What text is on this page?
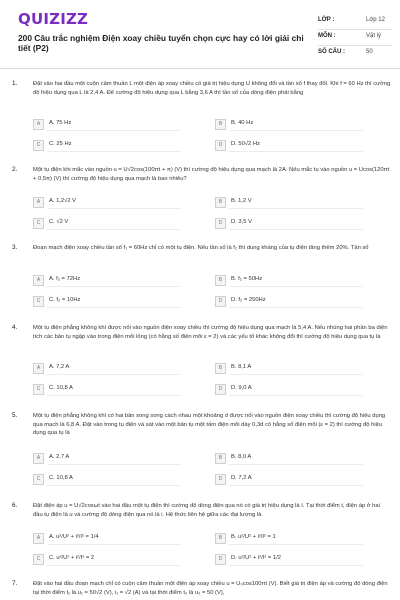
QUIZIZZ
200 Câu trắc nghiệm Điện xoay chiều tuyển chọn cực hay có lời giải chi tiết (P2)
LỚP :	Lớp 12
MÔN :	Vật lý
SỐ CÂU :	50
1.	Đặt vào hai đầu một cuộn cảm thuần L một điện áp xoay chiều có giá trị hiệu dụng U không đổi và tần số f thay đổi. Khi f = 60 Hz thì cường độ hiệu dụng qua L là 2,4 A. Để cường độ hiệu dụng qua L bằng 3,6 A thì tần số của dòng điện phải bằng
A	A. 75 Hz	B	B. 40 Hz
C	C. 25 Hz	D	D. 50√2 Hz
2.	Một tụ điện khi mắc vào nguồn u = U√2cos(100πt + π) (V) thì cường độ hiệu dụng qua mạch là 2A. Nếu mắc tụ vào nguồn u = Ucos(120πt + 0,5π) (V) thì cường độ hiệu dụng qua mạch là bao nhiêu?
A	A. 1,2√2 V	B	B. 1,2 V
C	C. √2 V	D	D. 3,5 V
3.	Đoạn mạch điện xoay chiều tần số f₁ = 60Hz chỉ có một tụ điện. Nếu tần số là f₂ thì dung kháng của tụ điện tăng thêm 20%. Tần số
A	A. f₂ = 72Hz	B	B. f₂ = 50Hz
C	C. f₂ = 10Hz	D	D. f₂ = 250Hz
4.	Một tụ điện phẳng không khí được nối vào nguồn điện xoay chiều thì cường độ hiệu dụng qua mạch là 5,4 A. Nếu nhúng hai phần ba diện tích các bản tụ ngập vào trong điện môi lỏng (có hằng số điện môi ε = 2) và các yếu tố khác không đổi thì cường độ hiệu dụng qua tụ là
A	A. 7,2 A	B	B. 8,1 A
C	C. 10,8 A	D	D. 9,0 A
5.	Một tụ điện phẳng không khí có hai bản song song cách nhau một khoảng d được nối vào nguồn điện xoay chiều thì cường độ hiệu dụng qua mạch là 6,8 A. Đặt vào trong tụ điện và sát vào một bản tụ một tấm điện môi dày 0,3d có hằng số điện môi (ε = 2) thì cường độ hiệu dụng qua tụ là
A	A. 2,7 A	B	B. 8,0 A
C	C. 10,8 A	D	D. 7,2 A
6.	Đặt điện áp u = U√2cosωt vào hai đầu một tụ điện thì cường độ dòng điện qua nó có giá trị hiệu dụng là I. Tại thời điểm t, điện áp ở hai đầu tụ điện là u và cường độ dòng điện qua nó là i. Hệ thức liên hệ giữa các đại lượng là
A	A. u²/U² + i²/I² = 1/4	B	B. u²/U² + i²/I² = 1
C	C. u²/U² + i²/I² = 2	D	D. u²/U² + i²/I² = 1/2
7.	Đặt vào hai đầu đoạn mạch chỉ có cuộn cảm thuần một điện áp xoay chiều u = U₀cos100πt (V). Biết giá trị điện áp và cường độ dòng điện tại thời điểm t₁ là u₁ = 50√2 (V), i₁ = √2 (A) và tại thời điểm t₂ là u₂ = 50 (V),
